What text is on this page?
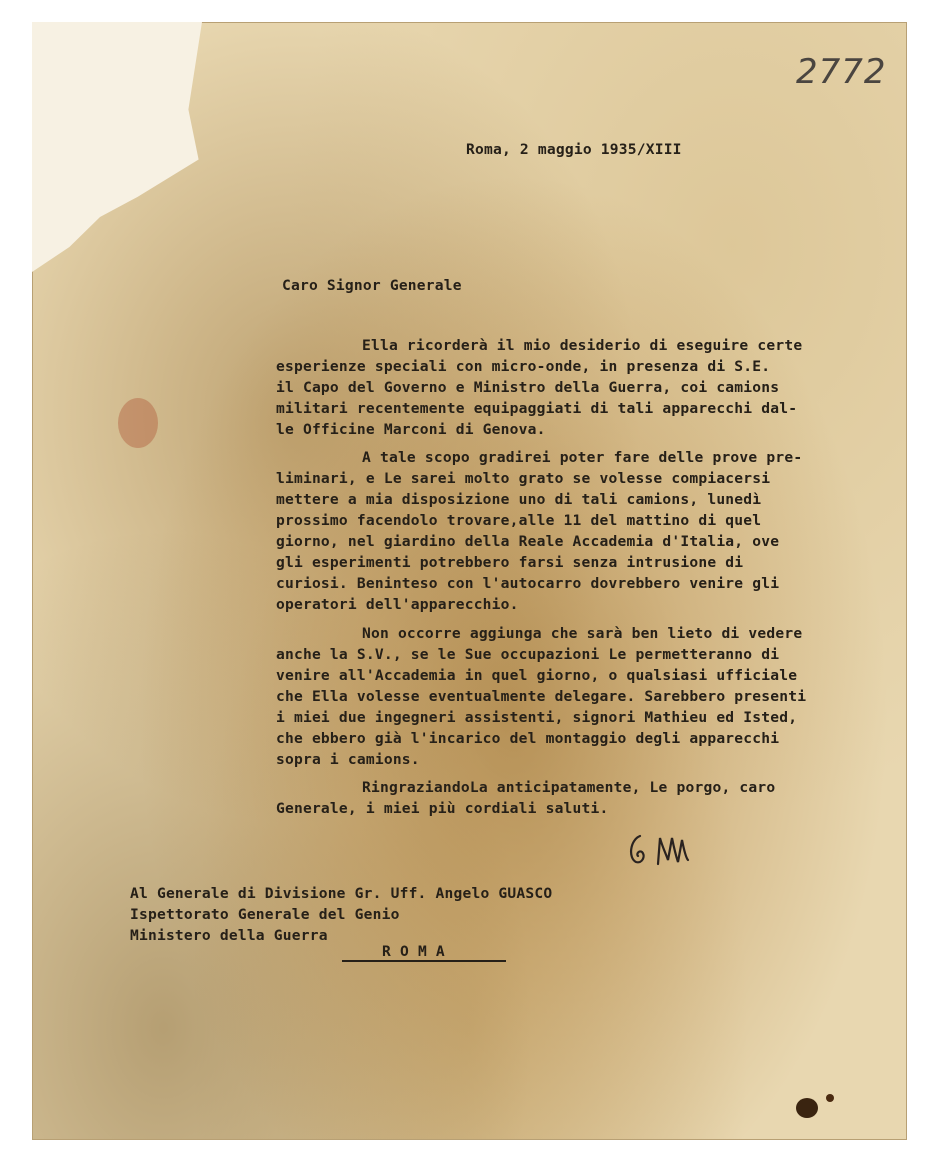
2772
Roma, 2 maggio 1935/XIII
Caro Signor Generale
Ella ricorderà il mio desiderio di eseguire certe
esperienze speciali con micro-onde, in presenza di S.E.
il Capo del Governo e Ministro della Guerra, coi camions
militari recentemente equipaggiati di tali apparecchi dal-
le Officine Marconi di Genova.
A tale scopo gradirei poter fare delle prove pre-
liminari, e Le sarei molto grato se volesse compiacersi
mettere a mia disposizione uno di tali camions, lunedì
prossimo facendolo trovare,alle 11 del mattino di quel
giorno, nel giardino della Reale Accademia d'Italia, ove
gli esperimenti potrebbero farsi senza intrusione di
curiosi. Beninteso con l'autocarro dovrebbero venire gli
operatori dell'apparecchio.
Non occorre aggiunga che sarà ben lieto di vedere
anche la S.V., se le Sue occupazioni Le permetteranno di
venire all'Accademia in quel giorno, o qualsiasi ufficiale
che Ella volesse eventualmente delegare. Sarebbero presenti
i miei due ingegneri assistenti, signori Mathieu ed Isted,
che ebbero già l'incarico del montaggio degli apparecchi
sopra i camions.
RingraziandoLa anticipatamente, Le porgo, caro
Generale, i miei più cordiali saluti.
Al Generale di Divisione Gr. Uff. Angelo GUASCO
Ispettorato Generale del Genio
Ministero della Guerra
R O M A
